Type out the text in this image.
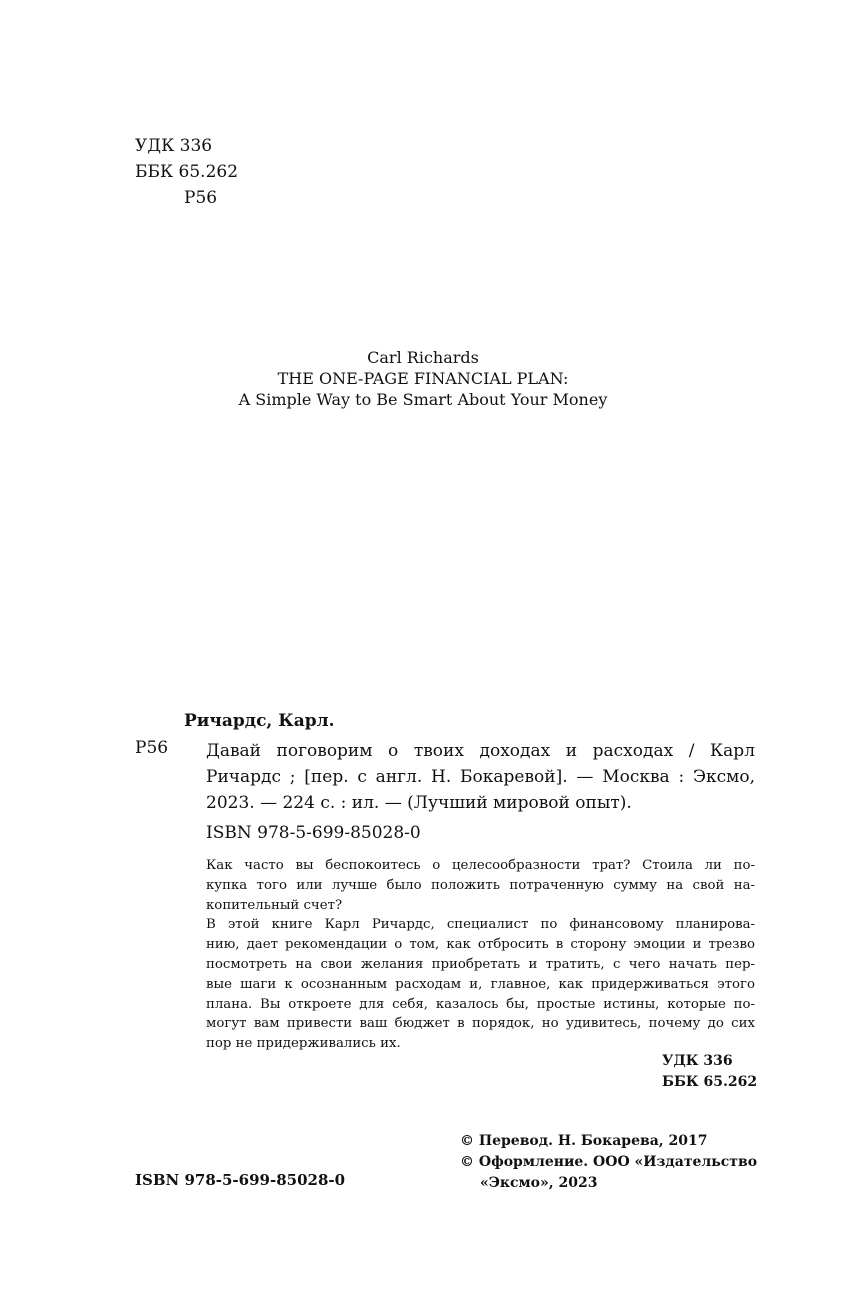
УДК 336
ББК 65.262
Р56
Carl Richards
THE ONE-PAGE FINANCIAL PLAN:
A Simple Way to Be Smart About Your Money
Ричардс, Карл.
Р56 Давай поговорим о твоих доходах и расходах / Карл
Ричардс ; [пер. с англ. Н. Бокаревой]. — Москва : Эксмо,
2023. — 224 с. : ил. — (Лучший мировой опыт).
ISBN 978-5-699-85028-0
Как часто вы беспокоитесь о целесообразности трат? Стоила ли по-
купка того или лучше было положить потраченную сумму на свой на-
копительный счет?
В этой книге Карл Ричардс, специалист по финансовому планирова-
нию, дает рекомендации о том, как отбросить в сторону эмоции и трезво
посмотреть на свои желания приобретать и тратить, с чего начать пер-
вые шаги к осознанным расходам и, главное, как придерживаться этого
плана. Вы откроете для себя, казалось бы, простые истины, которые по-
могут вам привести ваш бюджет в порядок, но удивитесь, почему до сих
пор не придерживались их.
УДК 336
ББК 65.262
© Перевод. Н. Бокарева, 2017
© Оформление. ООО «Издательство
«Эксмо», 2023
ISBN 978-5-699-85028-0
